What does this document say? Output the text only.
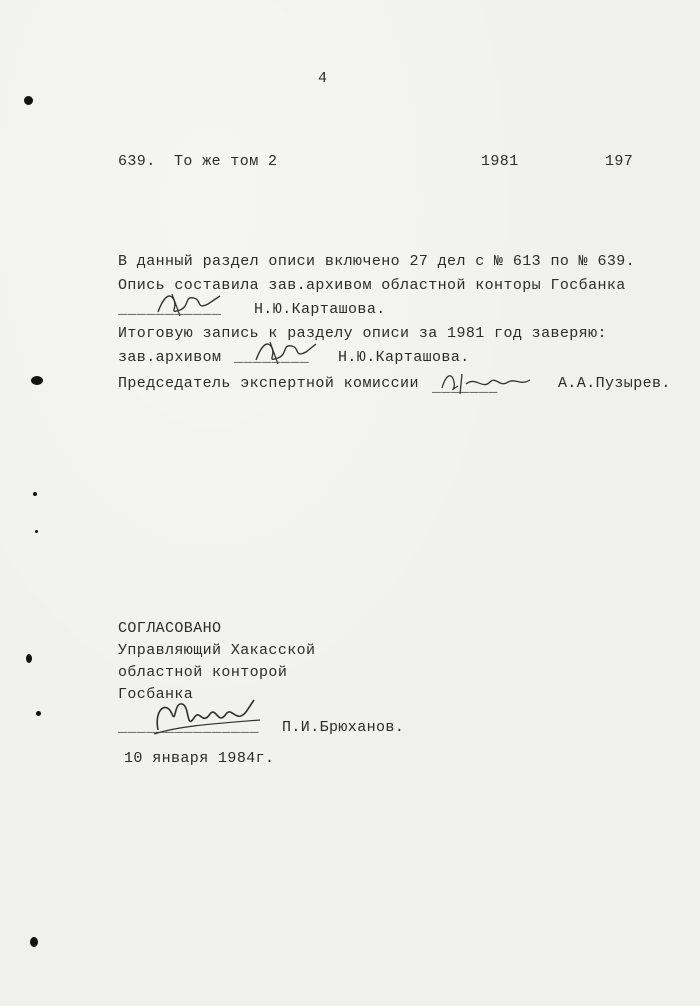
4
639. То же том 2	1981	197
В данный раздел описи включено 27 дел с № 613 по № 639.
Опись составила зав.архивом областной конторы Госбанка
___________ Н.Ю.Карташова.
Итоговую запись к разделу описи за 1981 год заверяю:
зав.архивом ________ Н.Ю.Карташова.
Председатель экспертной комиссии _______	А.А.Пузырев.
СОГЛАСОВАНО
Управляющий Хакасской
областной конторой
Госбанка
_______________ П.И.Брюханов.
10 января 1984г.
